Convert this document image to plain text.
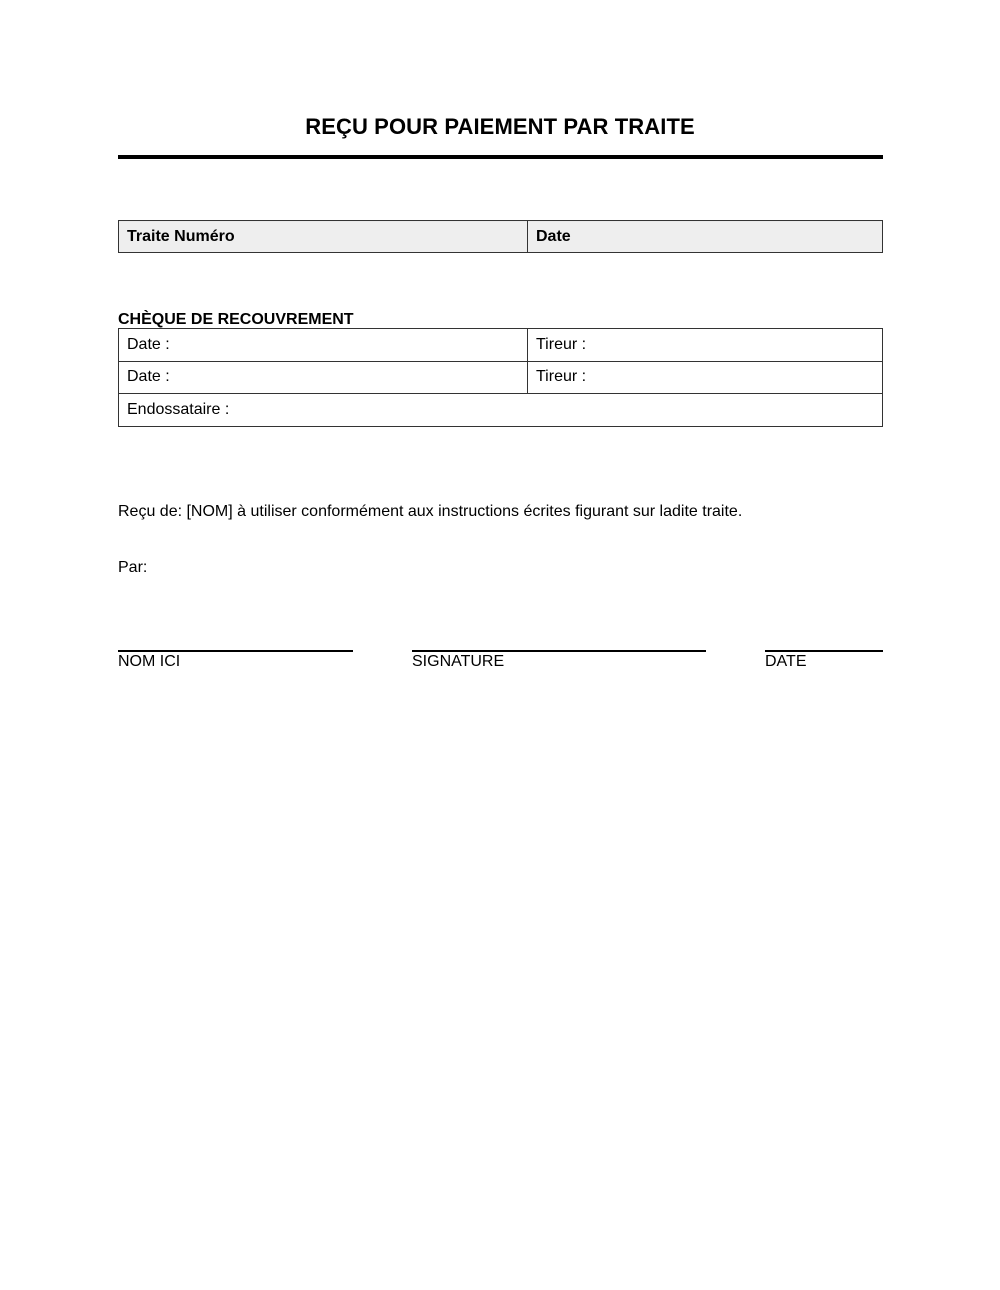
REÇU POUR PAIEMENT PAR TRAITE
Traite Numéro	Date
CHÈQUE DE RECOUVREMENT
Date :	Tireur :
Date :	Tireur :
Endossataire :	
Reçu de: [NOM] à utiliser conformément aux instructions écrites figurant sur ladite traite.
Par:
NOM ICI	SIGNATURE	DATE
